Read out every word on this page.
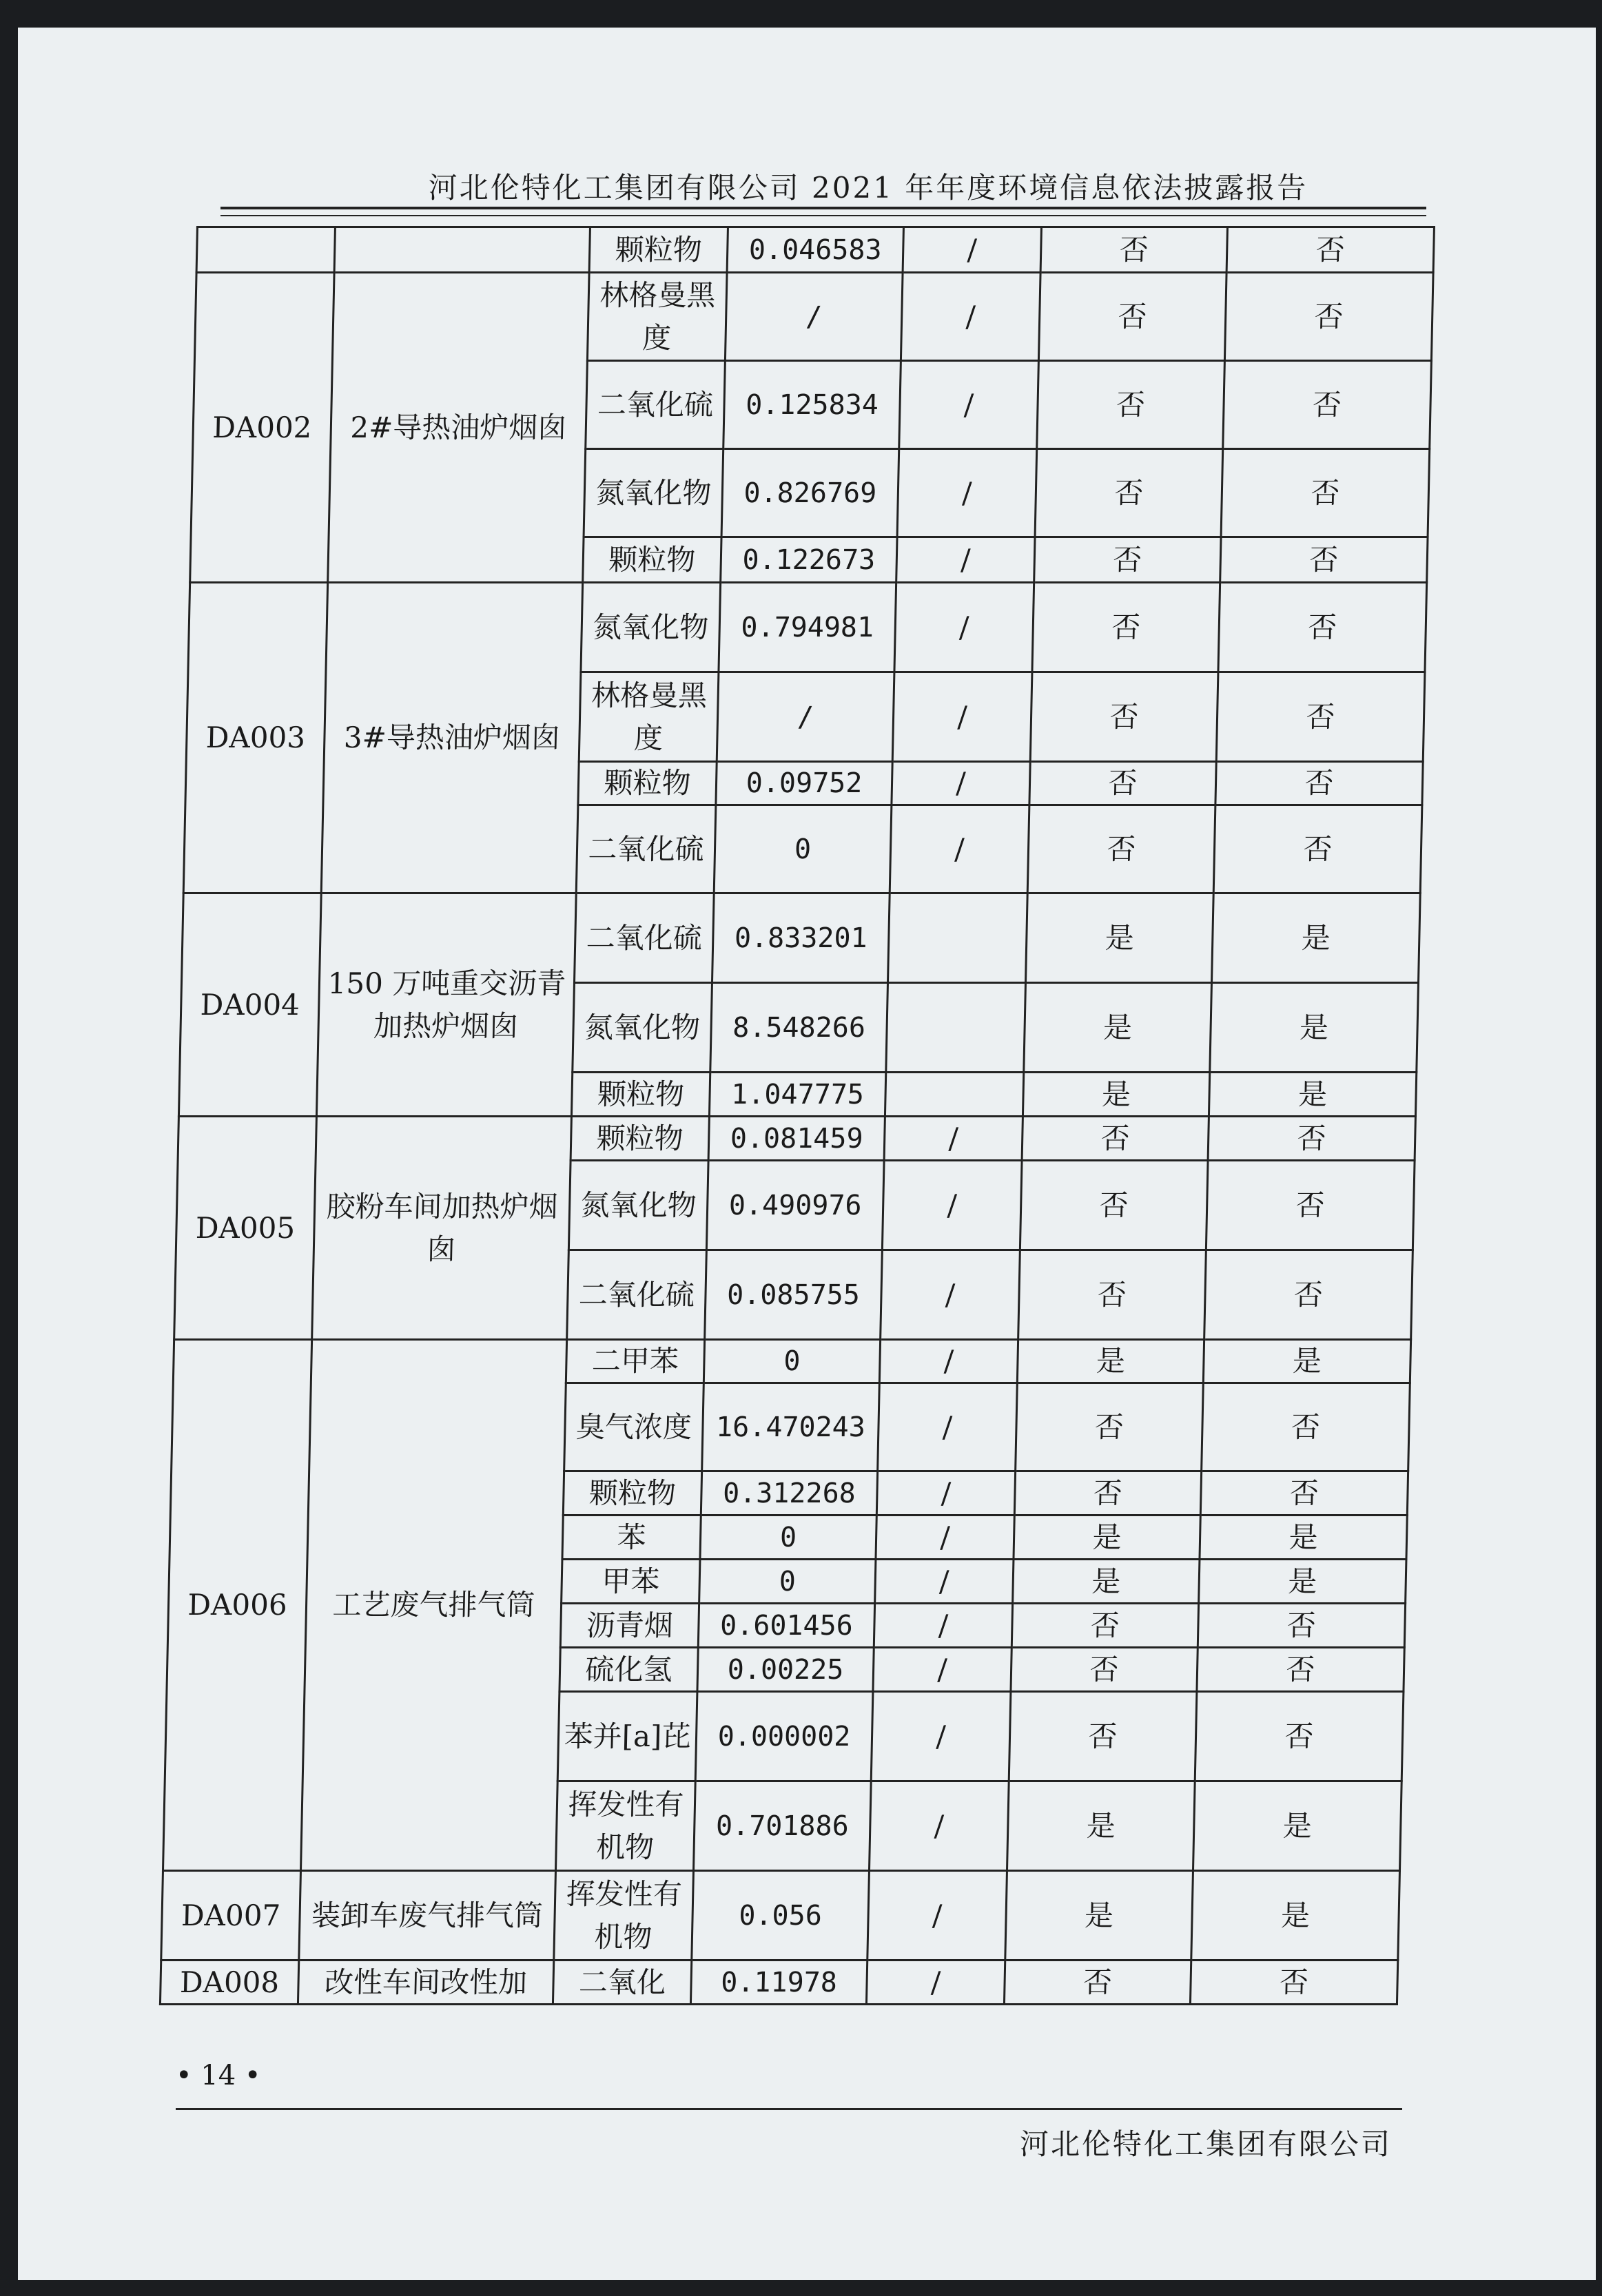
河北伦特化工集团有限公司 2021 年年度环境信息依法披露报告
		颗粒物	0.046583	/	否	否
DA002	2#导热油炉烟囱	林格曼黑度	/	/	否	否
		二氧化硫	0.125834	/	否	否
		氮氧化物	0.826769	/	否	否
		颗粒物	0.122673	/	否	否
DA003	3#导热油炉烟囱	氮氧化物	0.794981	/	否	否
		林格曼黑度	/	/	否	否
		颗粒物	0.09752	/	否	否
		二氧化硫	0	/	否	否
DA004	150 万吨重交沥青加热炉烟囱	二氧化硫	0.833201		是	是
		氮氧化物	8.548266		是	是
		颗粒物	1.047775		是	是
DA005	胶粉车间加热炉烟囱	颗粒物	0.081459	/	否	否
		氮氧化物	0.490976	/	否	否
		二氧化硫	0.085755	/	否	否
DA006	工艺废气排气筒	二甲苯	0	/	是	是
		臭气浓度	16.470243	/	否	否
		颗粒物	0.312268	/	否	否
		苯	0	/	是	是
		甲苯	0	/	是	是
		沥青烟	0.601456	/	否	否
		硫化氢	0.00225	/	否	否
		苯并[a]芘	0.000002	/	否	否
		挥发性有机物	0.701886	/	是	是
DA007	装卸车废气排气筒	挥发性有机物	0.056	/	是	是
DA008	改性车间改性加	二氧化	0.11978	/	否	否
• 14 •
河北伦特化工集团有限公司
